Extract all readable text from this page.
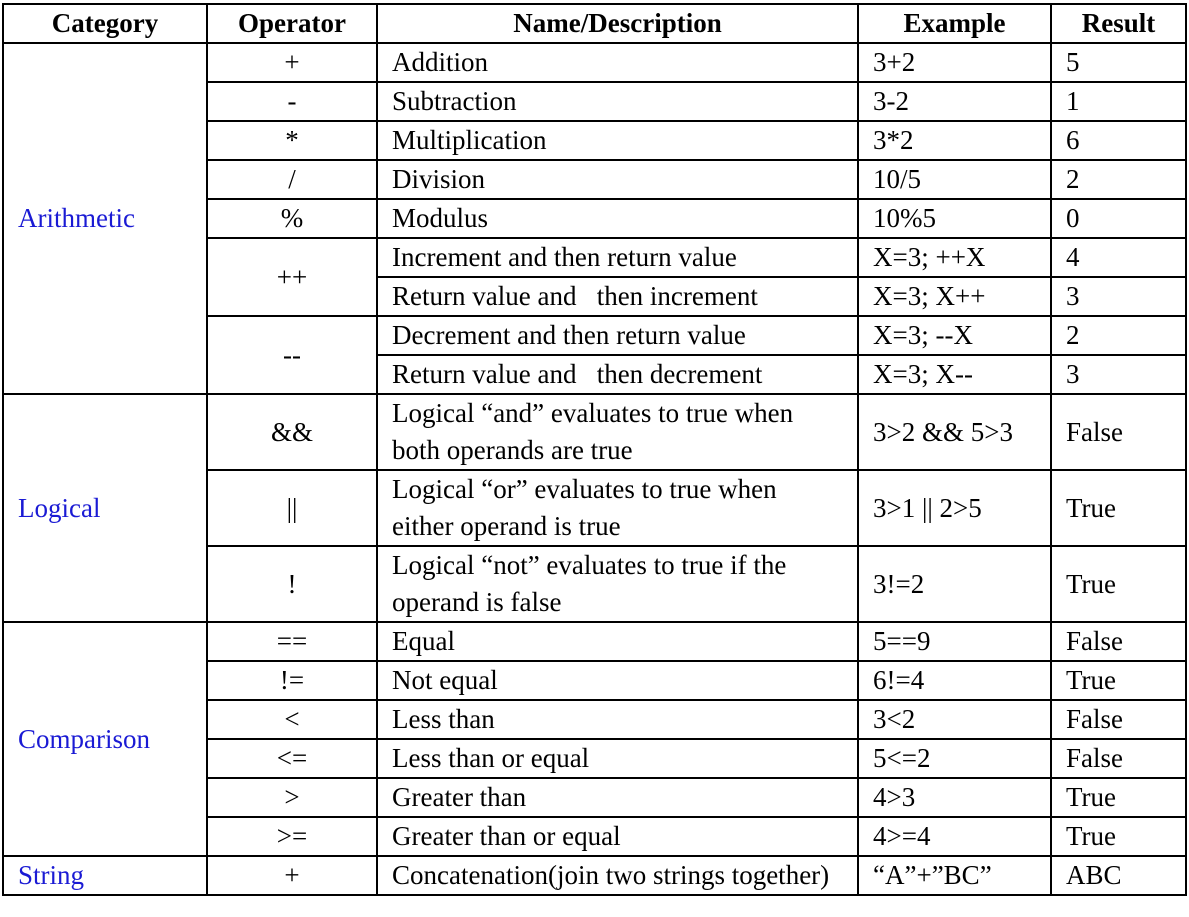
Category	Operator	Name/Description	Example	Result
Arithmetic	+	Addition	3+2	5
	-	Subtraction	3-2	1
	*	Multiplication	3*2	6
	/	Division	10/5	2
	%	Modulus	10%5	0
	++	Increment and then return value	X=3; ++X	4
		Return value and   then increment	X=3; X++	3
	--	Decrement and then return value	X=3; --X	2
		Return value and   then decrement	X=3; X--	3
Logical	&&	Logical “and” evaluates to true when both operands are true	3>2 && 5>3	False
	||	Logical “or” evaluates to true when either operand is true	3>1 || 2>5	True
	!	Logical “not” evaluates to true if the operand is false	3!=2	True
Comparison	==	Equal	5==9	False
	!=	Not equal	6!=4	True
	<	Less than	3<2	False
	<=	Less than or equal	5<=2	False
	>	Greater than	4>3	True
	>=	Greater than or equal	4>=4	True
String	+	Concatenation(join two strings together)	“A”+”BC”	ABC
